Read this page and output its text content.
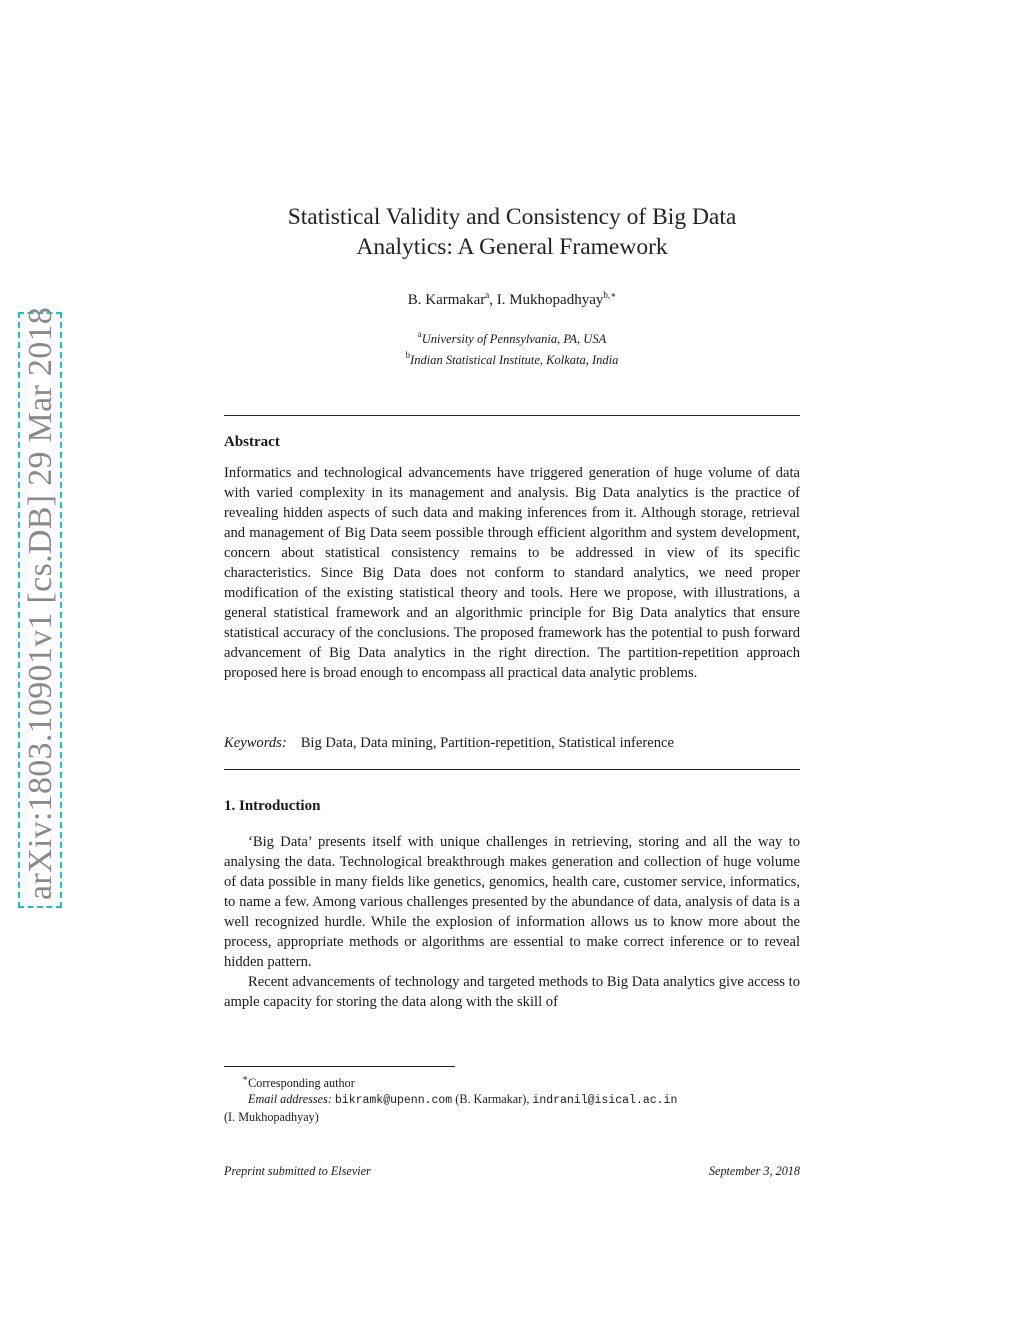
arXiv:1803.10901v1 [cs.DB] 29 Mar 2018
Statistical Validity and Consistency of Big Data
Analytics: A General Framework
B. Karmakar$^a$, I. Mukhopadhyay$^{b,∗}$
$^a$University of Pennsylvania, PA, USA
$^b$Indian Statistical Institute, Kolkata, India
Abstract
Informatics and technological advancements have triggered generation of huge volume of data with varied complexity in its management and analysis. Big Data analytics is the practice of revealing hidden aspects of such data and making inferences from it. Although storage, retrieval and management of Big Data seem possible through efficient algorithm and system development, concern about statistical consistency remains to be addressed in view of its specific characteristics. Since Big Data does not conform to standard analytics, we need proper modification of the existing statistical theory and tools. Here we propose, with illustrations, a general statistical framework and an algorithmic principle for Big Data analytics that ensure statistical accuracy of the conclusions. The proposed framework has the potential to push forward advancement of Big Data analytics in the right direction. The partition-repetition approach proposed here is broad enough to encompass all practical data analytic problems.
Keywords: Big Data, Data mining, Partition-repetition, Statistical inference
1. Introduction

‘Big Data’ presents itself with unique challenges in retrieving, storing and all the way to analysing the data. Technological breakthrough makes generation and collection of huge volume of data possible in many fields like genetics, genomics, health care, customer service, informatics, to name a few. Among various challenges presented by the abundance of data, analysis of data is a well recognized hurdle. While the explosion of information allows us to know more about the process, appropriate methods or algorithms are essential to make correct inference or to reveal hidden pattern.

Recent advancements of technology and targeted methods to Big Data analytics give access to ample capacity for storing the data along with the skill of

∗Corresponding author
Email addresses: bikramk@upenn.com (B. Karmakar), indranil@isical.ac.in
(I. Mukhopadhyay)
Preprint submitted to Elsevier	September 3, 2018
